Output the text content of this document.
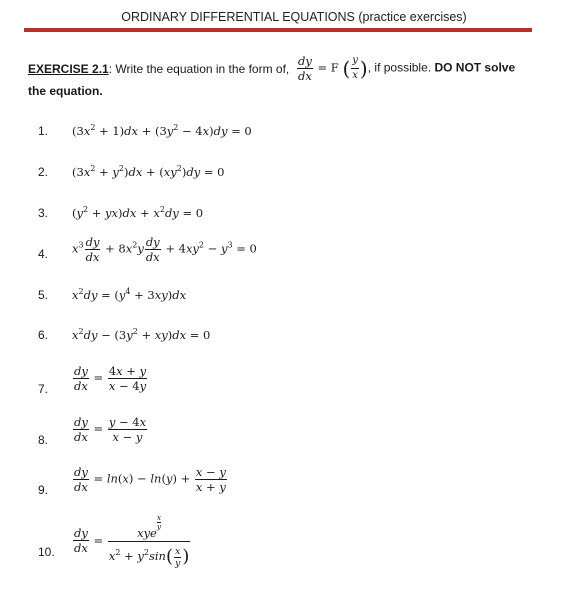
ORDINARY DIFFERENTIAL EQUATIONS (practice exercises)
EXERCISE 2.1: Write the equation in the form of, $\frac{dy}{dx} = F$ ( $\frac{y}{x}$ ), if possible. DO NOT solve
the equation.
1. $(3x^2 + 1)dx + (3y^2 - 4x)dy = 0$
2. $(3x^2 + y^2)dx + (xy^2)dy = 0$
3. $(y^2 + yx)dx + x^2dy = 0$
4. $x^3 \frac{dy}{dx} + 8x^2y \frac{dy}{dx} + 4xy^2 - y^3 = 0$
5. $x^2dy = (y^4 + 3xy)dx$
6. $x^2dy - (3y^2 + xy)dx = 0$
7. $\frac{dy}{dx} = \frac{4x + y}{x - 4y}$
8. $\frac{dy}{dx} = \frac{y - 4x}{x - y}$
9. $\frac{dy}{dx} = \ln(x) - \ln(y) + \frac{x - y}{x + y}$
10. $\frac{dy}{dx}$ = xye
$\frac{x}{y}$
$x^2 + y^2\sin( \frac{x}{y}$ )
